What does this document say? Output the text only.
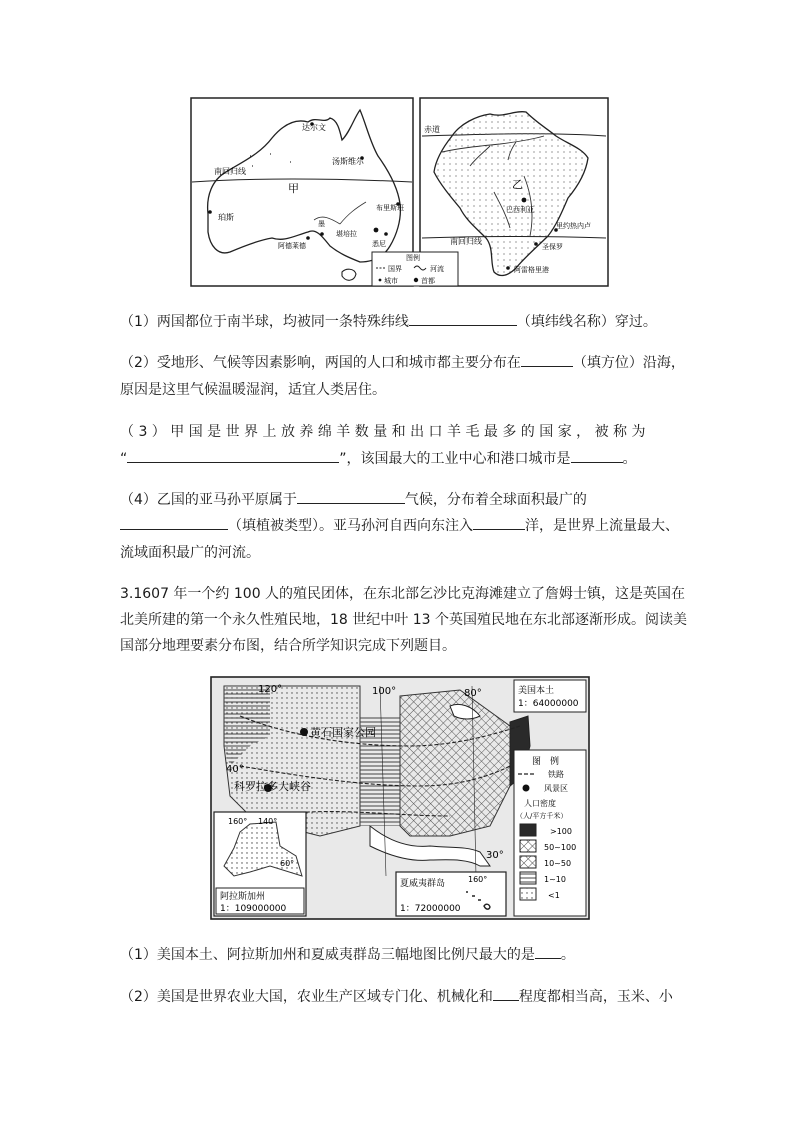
达尔文
汤斯维尔
南回归线
甲
珀斯
布里斯班
墨
阿德莱德
堪培拉
悉尼
赤道
乙
巴西利亚
南回归线
里约热内卢
圣保罗
阿雷格里港
图例
国界	河流
城市	首都

（1）两国都位于南半球，均被同一条特殊纬线	（填纬线名称）穿过。

（2）受地形、气候等因素影响，两国的人口和城市都主要分布在	（填方位）沿海，

原因是这里气候温暖湿润，适宜人类居住。

（ 3 ） 甲 国 是 世 界 上 放 养 绵 羊 数 量 和 出 口 羊 毛 最 多 的 国 家 ， 被 称 为

“	”，该国最大的工业中心和港口城市是	。

（4）乙国的亚马孙平原属于	气候，分布着全球面积最广的

（填植被类型）。亚马孙河自西向东注入	洋，是世界上流量最大、

流域面积最广的河流。

3.1607 年一个约 100 人的殖民团体，在东北部乞沙比克海滩建立了詹姆士镇，这是英国在

北美所建的第一个永久性殖民地，18 世纪中叶 13 个英国殖民地在东北部逐渐形成。阅读美

国部分地理要素分布图，结合所学知识完成下列题目。

120°	100°	80°
40°
黄石国家公园
科罗拉多大峡谷
30°
美国本土
1：64000000
160° 140°
60°
阿拉斯加州
1：109000000
夏威夷群岛
1：72000000
160°
图　例
铁路
风景区
人口密度
（人/平方千米）
>100
50~100
10~50
1~10
<1

（1）美国本土、阿拉斯加州和夏威夷群岛三幅地图比例尺最大的是 。

（2）美国是世界农业大国，农业生产区域专门化、机械化和 程度都相当高，玉米、小
